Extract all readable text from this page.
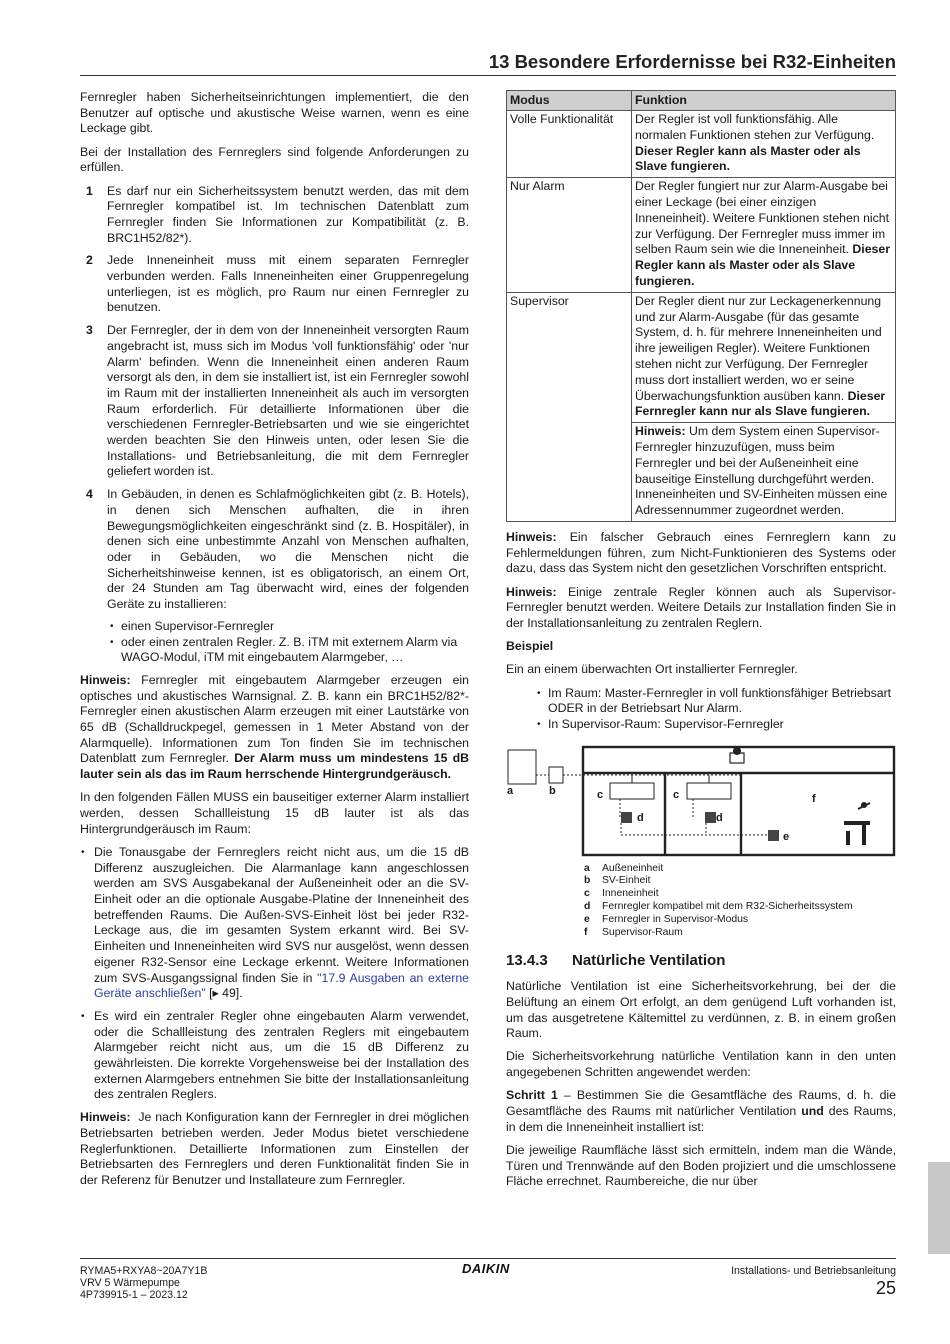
13 Besondere Erfordernisse bei R32-Einheiten

Fernregler haben Sicherheitseinrichtungen implementiert, die den Benutzer auf optische und akustische Weise warnen, wenn es eine Leckage gibt.

Bei der Installation des Fernreglers sind folgende Anforderungen zu erfüllen.

1 Es darf nur ein Sicherheitssystem benutzt werden, das mit dem Fernregler kompatibel ist. Im technischen Datenblatt zum Fernregler finden Sie Informationen zur Kompatibilität (z. B. BRC1H52/82*).
2 Jede Inneneinheit muss mit einem separaten Fernregler verbunden werden. Falls Inneneinheiten einer Gruppenregelung unterliegen, ist es möglich, pro Raum nur einen Fernregler zu benutzen.
3 Der Fernregler, der in dem von der Inneneinheit versorgten Raum angebracht ist, muss sich im Modus 'voll funktionsfähig' oder 'nur Alarm' befinden. Wenn die Inneneinheit einen anderen Raum versorgt als den, in dem sie installiert ist, ist ein Fernregler sowohl im Raum mit der installierten Inneneinheit als auch im versorgten Raum erforderlich. Für detaillierte Informationen über die verschiedenen Fernregler-Betriebsarten und wie sie eingerichtet werden beachten Sie den Hinweis unten, oder lesen Sie die Installations- und Betriebsanleitung, die mit dem Fernregler geliefert worden ist.
4 In Gebäuden, in denen es Schlafmöglichkeiten gibt (z. B. Hotels), in denen sich Menschen aufhalten, die in ihren Bewegungsmöglichkeiten eingeschränkt sind (z. B. Hospitäler), in denen sich eine unbestimmte Anzahl von Menschen aufhalten, oder in Gebäuden, wo die Menschen nicht die Sicherheitshinweise kennen, ist es obligatorisch, an einem Ort, der 24 Stunden am Tag überwacht wird, eines der folgenden Geräte zu installieren:
• einen Supervisor-Fernregler
• oder einen zentralen Regler. Z. B. iTM mit externem Alarm via WAGO-Modul, iTM mit eingebautem Alarmgeber, …

Hinweis: Fernregler mit eingebautem Alarmgeber erzeugen ein optisches und akustisches Warnsignal. Z. B. kann ein BRC1H52/82*-Fernregler einen akustischen Alarm erzeugen mit einer Lautstärke von 65 dB (Schalldruckpegel, gemessen in 1 Meter Abstand von der Alarmquelle). Informationen zum Ton finden Sie im technischen Datenblatt zum Fernregler. Der Alarm muss um mindestens 15 dB lauter sein als das im Raum herrschende Hintergrundgeräusch.

In den folgenden Fällen MUSS ein bauseitiger externer Alarm installiert werden, dessen Schallleistung 15 dB lauter ist als das Hintergrundgeräusch im Raum:

• Die Tonausgabe der Fernreglers reicht nicht aus, um die 15 dB Differenz auszugleichen. Die Alarmanlage kann angeschlossen werden am SVS Ausgabekanal der Außeneinheit oder an die SV-Einheit oder an die optionale Ausgabe-Platine der Inneneinheit des betreffenden Raums. Die Außen-SVS-Einheit löst bei jeder R32-Leckage aus, die im gesamten System erkannt wird. Bei SV-Einheiten und Inneneinheiten wird SVS nur ausgelöst, wenn dessen eigener R32-Sensor eine Leckage erkennt. Weitere Informationen zum SVS-Ausgangssignal finden Sie in "17.9 Ausgaben an externe Geräte anschließen" [▸ 49].
• Es wird ein zentraler Regler ohne eingebauten Alarm verwendet, oder die Schallleistung des zentralen Reglers mit eingebautem Alarmgeber reicht nicht aus, um die 15 dB Differenz zu gewährleisten. Die korrekte Vorgehensweise bei der Installation des externen Alarmgebers entnehmen Sie bitte der Installationsanleitung des zentralen Reglers.

Hinweis:  Je nach Konfiguration kann der Fernregler in drei möglichen Betriebsarten betrieben werden. Jeder Modus bietet verschiedene Reglerfunktionen. Detaillierte Informationen zum Einstellen der Betriebsarten des Fernreglers und deren Funktionalität finden Sie in der Referenz für Benutzer und Installateure zum Fernregler.

Modus	Funktion
Volle Funktionalität	Der Regler ist voll funktionsfähig. Alle normalen Funktionen stehen zur Verfügung. Dieser Regler kann als Master oder als Slave fungieren.
Nur Alarm	Der Regler fungiert nur zur Alarm-Ausgabe bei einer Leckage (bei einer einzigen Inneneinheit). Weitere Funktionen stehen nicht zur Verfügung. Der Fernregler muss immer im selben Raum sein wie die Inneneinheit. Dieser Regler kann als Master oder als Slave fungieren.
Supervisor	Der Regler dient nur zur Leckagenerkennung und zur Alarm-Ausgabe (für das gesamte System, d. h. für mehrere Inneneinheiten und ihre jeweiligen Regler). Weitere Funktionen stehen nicht zur Verfügung. Der Fernregler muss dort installiert werden, wo er seine Überwachungsfunktion ausüben kann. Dieser Fernregler kann nur als Slave fungieren.
	Hinweis: Um dem System einen Supervisor-Fernregler hinzuzufügen, muss beim Fernregler und bei der Außeneinheit eine bauseitige Einstellung durchgeführt werden. Inneneinheiten und SV-Einheiten müssen eine Adressennummer zugeordnet werden.

Hinweis: Ein falscher Gebrauch eines Fernreglern kann zu Fehlermeldungen führen, zum Nicht-Funktionieren des Systems oder dazu, dass das System nicht den gesetzlichen Vorschriften entspricht.

Hinweis: Einige zentrale Regler können auch als Supervisor-Fernregler benutzt werden. Weitere Details zur Installation finden Sie in der Installationsanleitung zu zentralen Reglern.

Beispiel

Ein an einem überwachten Ort installierter Fernregler.

• Im Raum: Master-Fernregler in voll funktionsfähiger Betriebsart ODER in der Betriebsart Nur Alarm.
• In Supervisor-Raum: Supervisor-Fernregler
a	b	c	c
d	d
e
f
a	Außeneinheit
b	SV-Einheit
c	Inneneinheit
d	Fernregler kompatibel mit dem R32-Sicherheitssystem
e	Fernregler in Supervisor-Modus
f	Supervisor-Raum
13.4.3 Natürliche Ventilation

Natürliche Ventilation ist eine Sicherheitsvorkehrung, bei der die Belüftung an einem Ort erfolgt, an dem genügend Luft vorhanden ist, um das ausgetretene Kältemittel zu verdünnen, z. B. in einem großen Raum.

Die Sicherheitsvorkehrung natürliche Ventilation kann in den unten angegebenen Schritten angewendet werden:

Schritt 1 – Bestimmen Sie die Gesamtfläche des Raums, d. h. die Gesamtfläche des Raums mit natürlicher Ventilation und des Raums, in dem die Inneneinheit installiert ist:

Die jeweilige Raumfläche lässt sich ermitteln, indem man die Wände, Türen und Trennwände auf den Boden projiziert und die umschlossene Fläche errechnet. Raumbereiche, die nur über

RYMA5+RXYA8~20A7Y1B
VRV 5 Wärmepumpe
4P739915-1 – 2023.12
DAIKIN	Installations- und Betriebsanleitung
25
